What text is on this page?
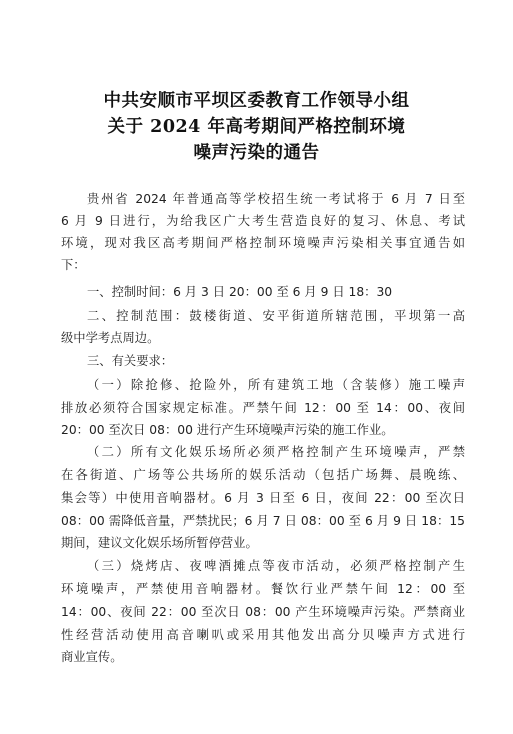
中共安顺市平坝区委教育工作领导小组
关于 2024 年高考期间严格控制环境
噪声污染的通告
贵州省 2024 年普通高等学校招生统一考试将于 6 月 7 日至
6 月 9 日进行，为给我区广大考生营造良好的复习、休息、考试
环境，现对我区高考期间严格控制环境噪声污染相关事宜通告如
下：
一、控制时间：6 月 3 日 20：00 至 6 月 9 日 18：30
二、控制范围：鼓楼街道、安平街道所辖范围，平坝第一高
级中学考点周边。
三、有关要求：
（一）除抢修、抢险外，所有建筑工地（含装修）施工噪声
排放必须符合国家规定标准。严禁午间 12：00 至 14：00、夜间
20：00 至次日 08：00 进行产生环境噪声污染的施工作业。
（二）所有文化娱乐场所必须严格控制产生环境噪声，严禁
在各街道、广场等公共场所的娱乐活动（包括广场舞、晨晚练、
集会等）中使用音响器材。6 月 3 日至 6 日，夜间 22：00 至次日
08：00 需降低音量，严禁扰民；6 月 7 日 08：00 至 6 月 9 日 18：15
期间，建议文化娱乐场所暂停营业。
（三）烧烤店、夜啤酒摊点等夜市活动，必须严格控制产生
环境噪声，严禁使用音响器材。餐饮行业严禁午间 12：00 至
14：00、夜间 22：00 至次日 08：00 产生环境噪声污染。严禁商业
性经营活动使用高音喇叭或采用其他发出高分贝噪声方式进行
商业宣传。
